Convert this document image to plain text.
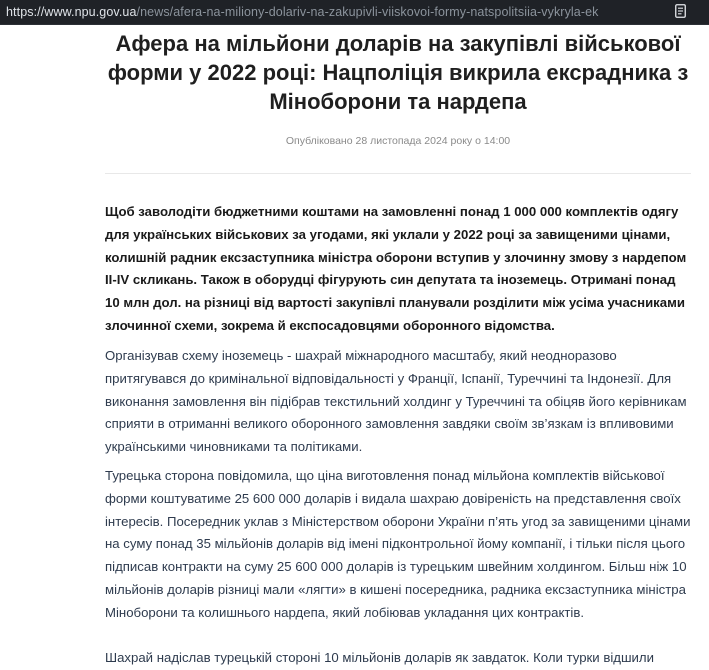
https://www.npu.gov.ua/news/afera-na-miliony-dolariv-na-zakupivli-viiskovoi-formy-natspolitsiia-vykryla-ek
Афера на мільйони доларів на закупівлі військової форми у 2022 році: Нацполіція викрила ексрадника з Міноборони та нардепа
Опубліковано 28 листопада 2024 року о 14:00

Щоб заволодіти бюджетними коштами на замовленні понад 1 000 000 комплектів одягу для українських військових за угодами, які уклали у 2022 році за завищеними цінами, колишній радник ексзаступника міністра оборони вступив у злочинну змову з нардепом ІІ-ІV скликань. Також в оборудці фігурують син депутата та іноземець. Отримані понад 10 млн дол. на різниці від вартості закупівлі планували розділити між усіма учасниками злочинної схеми, зокрема й експосадовцями оборонного відомства.

Організував схему іноземець - шахрай міжнародного масштабу, який неодноразово притягувався до кримінальної відповідальності у Франції, Іспанії, Туреччині та Індонезії. Для виконання замовлення він підібрав текстильний холдинг у Туреччині та обіцяв його керівникам сприяти в отриманні великого оборонного замовлення завдяки своїм зв’язкам із впливовими українськими чиновниками та політиками.

Турецька сторона повідомила, що ціна виготовлення понад мільйона комплектів військової форми коштуватиме 25 600 000 доларів і видала шахраю довіреність на представлення своїх інтересів. Посередник уклав з Міністерством оборони України п’ять угод за завищеними цінами на суму понад 35 мільйонів доларів від імені підконтрольної йому компанії, і тільки після цього підписав контракти на суму 25 600 000 доларів із турецьким швейним холдингом. Більш ніж 10 мільйонів доларів різниці мали «лягти» в кишені посередника, радника ексзаступника міністра Міноборони та колишнього нардепа, який лобіював укладання цих контрактів.

Шахрай надіслав турецькій стороні 10 мільйонів доларів як завдаток. Коли турки відшили
